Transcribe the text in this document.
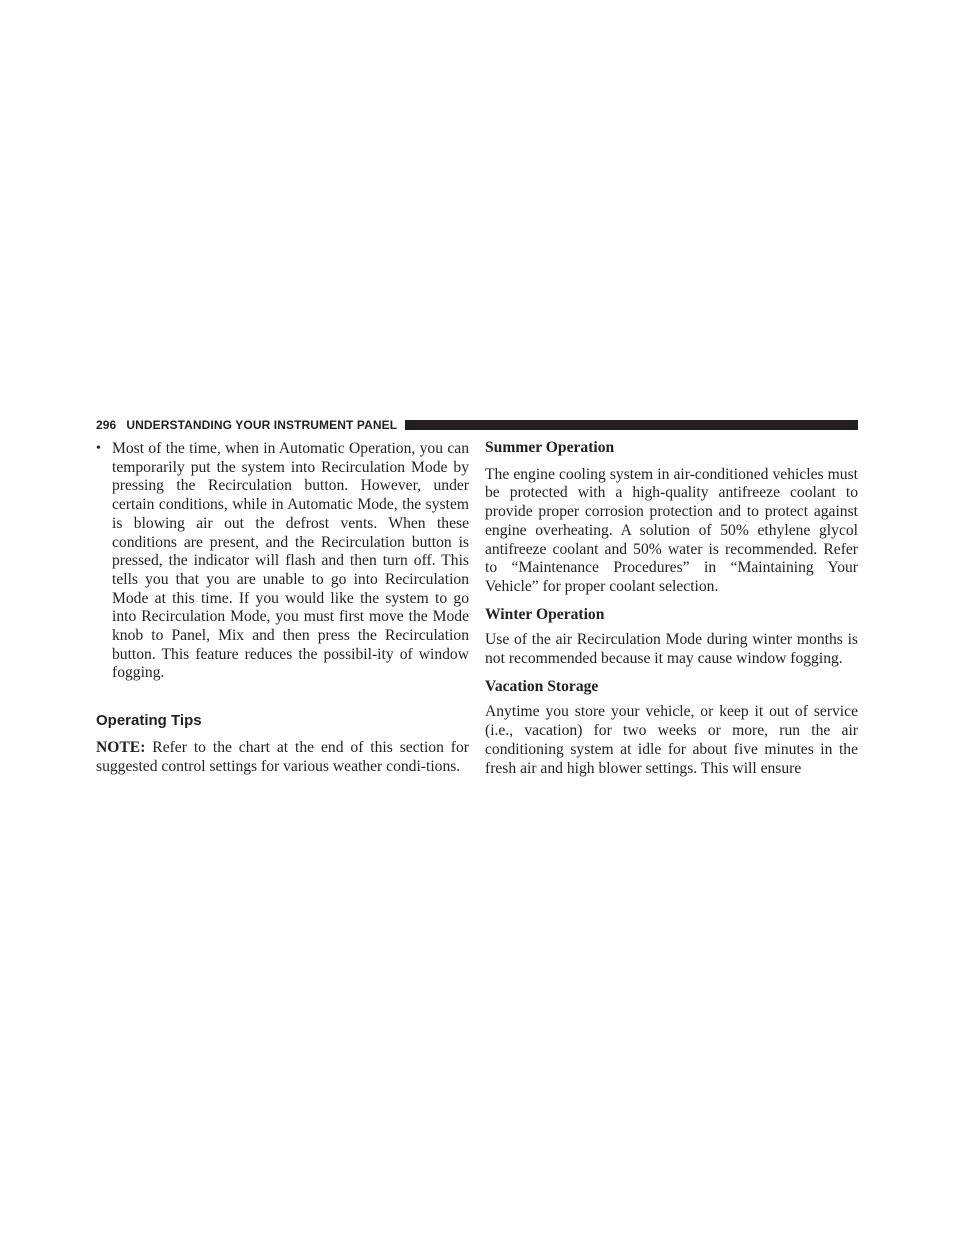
296 UNDERSTANDING YOUR INSTRUMENT PANEL
• Most of the time, when in Automatic Operation, you can temporarily put the system into Recirculation Mode by pressing the Recirculation button. However, under certain conditions, while in Automatic Mode, the system is blowing air out the defrost vents. When these conditions are present, and the Recirculation button is pressed, the indicator will flash and then turn off. This tells you that you are unable to go into Recirculation Mode at this time. If you would like the system to go into Recirculation Mode, you must first move the Mode knob to Panel, Mix and then press the Recirculation button. This feature reduces the possibil-ity of window fogging.

Operating Tips

NOTE: Refer to the chart at the end of this section for suggested control settings for various weather condi-tions.

Summer Operation

The engine cooling system in air-conditioned vehicles must be protected with a high-quality antifreeze coolant to provide proper corrosion protection and to protect against engine overheating. A solution of 50% ethylene glycol antifreeze coolant and 50% water is recommended. Refer to “Maintenance Procedures” in “Maintaining Your Vehicle” for proper coolant selection.

Winter Operation

Use of the air Recirculation Mode during winter months is not recommended because it may cause window fogging.

Vacation Storage

Anytime you store your vehicle, or keep it out of service (i.e., vacation) for two weeks or more, run the air conditioning system at idle for about five minutes in the fresh air and high blower settings. This will ensure
